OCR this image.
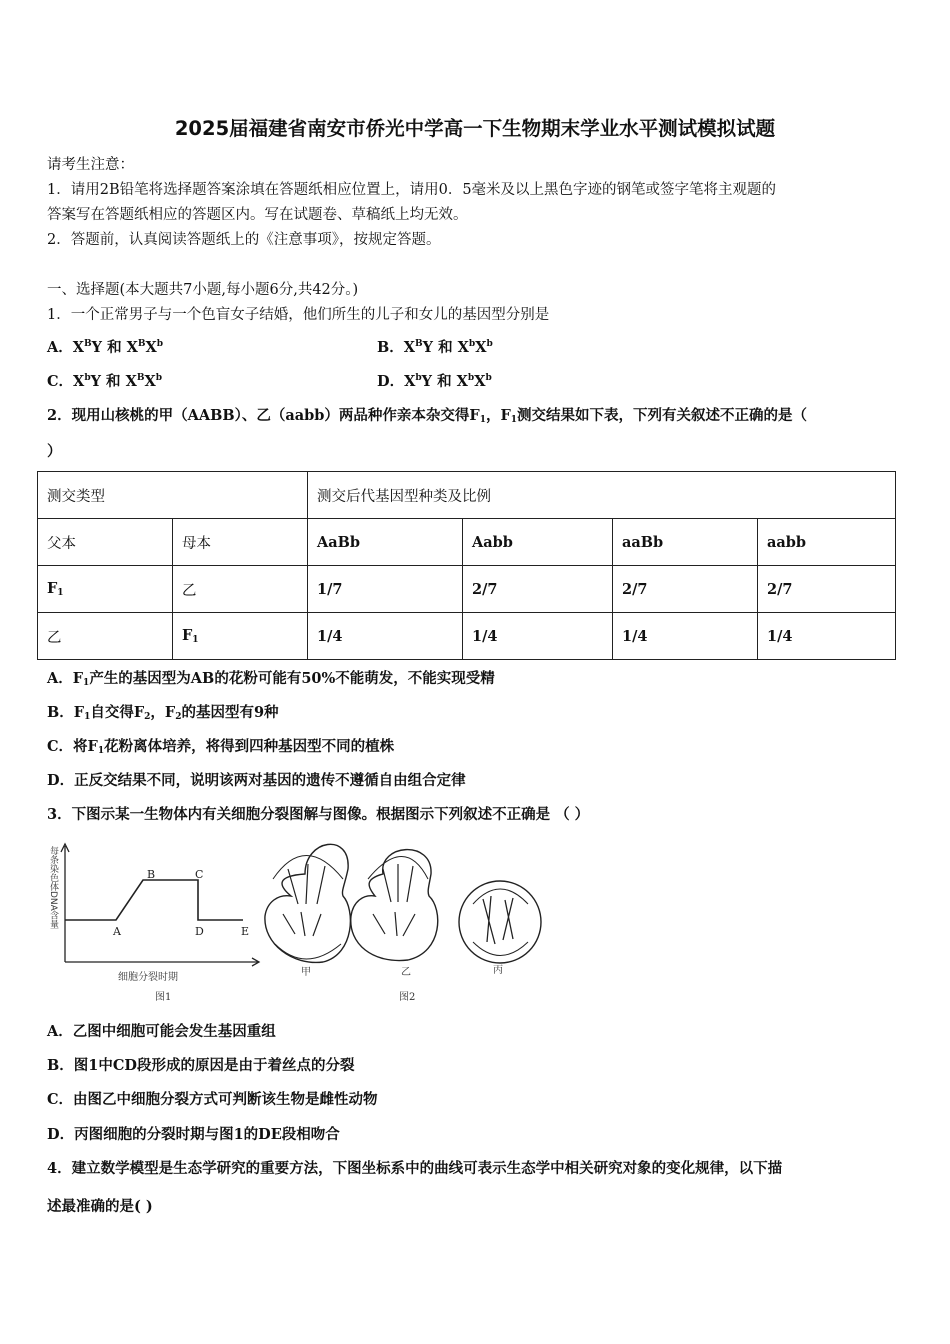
2025届福建省南安市侨光中学高一下生物期末学业水平测试模拟试题
请考生注意：
1．请用2B铅笔将选择题答案涂填在答题纸相应位置上，请用0．5毫米及以上黑色字迹的钢笔或签字笔将主观题的
答案写在答题纸相应的答题区内。写在试题卷、草稿纸上均无效。
2．答题前，认真阅读答题纸上的《注意事项》，按规定答题。
一、选择题(本大题共7小题,每小题6分,共42分。)
1．一个正常男子与一个色盲女子结婚，他们所生的儿子和女儿的基因型分别是
A．$X^BY$ 和 $X^BX^b$	B．$X^BY$ 和 $X^bX^b$
C．$X^bY$ 和 $X^BX^b$	D．$X^bY$ 和 $X^bX^b$
2．现用山核桃的甲（AABB）、乙（aabb）两品种作亲本杂交得$F_1$，$F_1$测交结果如下表，下列有关叙述不正确的是（
）
测交类型		测交后代基因型种类及比例			
父本	母本	AaBb	Aabb	aaBb	aabb
$F_1$	乙	1/7	2/7	2/7	2/7
乙	$F_1$	1/4	1/4	1/4	1/4
A．$F_1$产生的基因型为AB的花粉可能有50%不能萌发，不能实现受精
B．$F_1$自交得$F_2$，$F_2$的基因型有9种
C．将$F_1$花粉离体培养，将得到四种基因型不同的植株
D．正反交结果不同，说明该两对基因的遗传不遵循自由组合定律
3．下图示某一生物体内有关细胞分裂图解与图像。根据图示下列叙述不正确是 （ ）
每条染色体DNA含量
A
B	C
D	E
细胞分裂时期
图1
甲	乙
图2
丙
A．乙图中细胞可能会发生基因重组
B．图1中CD段形成的原因是由于着丝点的分裂
C．由图乙中细胞分裂方式可判断该生物是雌性动物
D．丙图细胞的分裂时期与图1的DE段相吻合
4．建立数学模型是生态学研究的重要方法，下图坐标系中的曲线可表示生态学中相关研究对象的变化规律，以下描
述最准确的是( )
